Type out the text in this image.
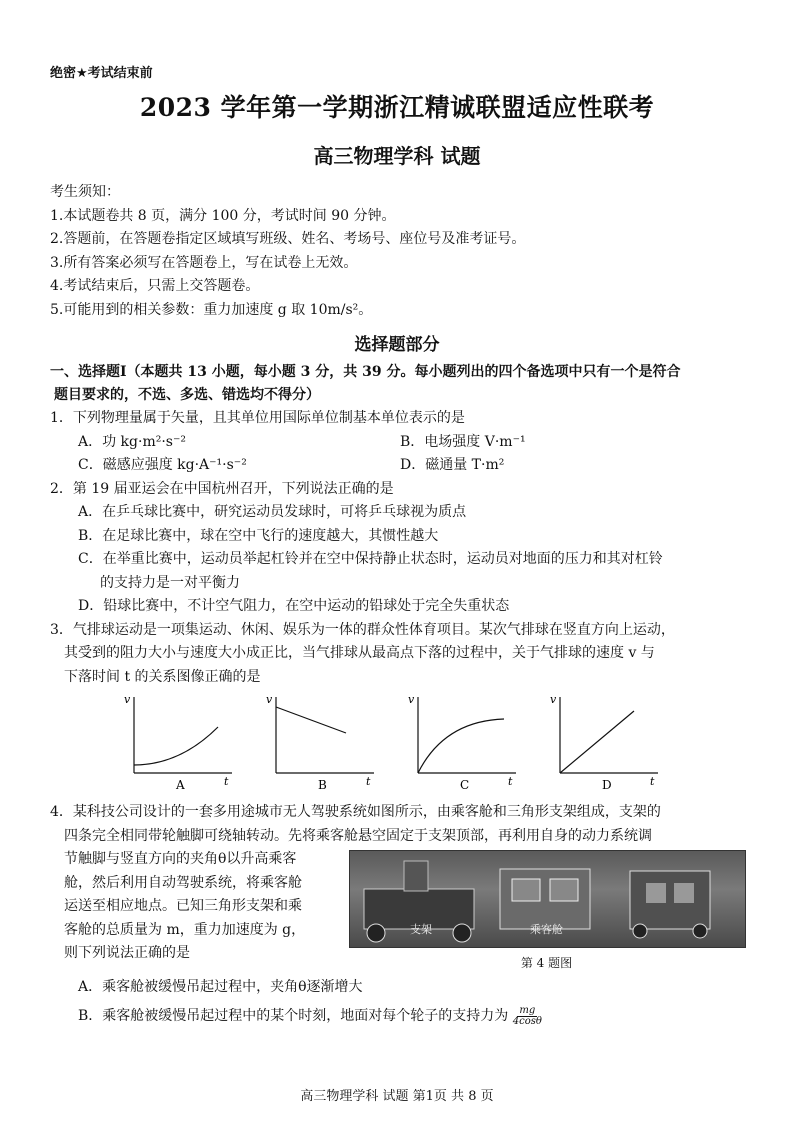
绝密★考试结束前
2023 学年第一学期浙江精诚联盟适应性联考
高三物理学科 试题
考生须知：
1.本试题卷共 8 页，满分 100 分，考试时间 90 分钟。
2.答题前，在答题卷指定区域填写班级、姓名、考场号、座位号及准考证号。
3.所有答案必须写在答题卷上，写在试卷上无效。
4.考试结束后，只需上交答题卷。
5.可能用到的相关参数：重力加速度 g 取 10m/s²。
选择题部分
一、选择题Ⅰ（本题共 13 小题，每小题 3 分，共 39 分。每小题列出的四个备选项中只有一个是符合
题目要求的，不选、多选、错选均不得分）
1．下列物理量属于矢量，且其单位用国际单位制基本单位表示的是
A．功 kg·m²·s⁻²	B．电场强度 V·m⁻¹
C．磁感应强度 kg·A⁻¹·s⁻²	D．磁通量 T·m²
2．第 19 届亚运会在中国杭州召开，下列说法正确的是
A．在乒乓球比赛中，研究运动员发球时，可将乒乓球视为质点
B．在足球比赛中，球在空中飞行的速度越大，其惯性越大
C．在举重比赛中，运动员举起杠铃并在空中保持静止状态时，运动员对地面的压力和其对杠铃
的支持力是一对平衡力
D．铅球比赛中，不计空气阻力，在空中运动的铅球处于完全失重状态
3．气排球运动是一项集运动、休闲、娱乐为一体的群众性体育项目。某次气排球在竖直方向上运动，
其受到的阻力大小与速度大小成正比，当气排球从最高点下落的过程中，关于气排球的速度 v 与
下落时间 t 的关系图像正确的是
v
t
A
v
t
B
v
t
C
v
t
D
4．某科技公司设计的一套多用途城市无人驾驶系统如图所示，由乘客舱和三角形支架组成，支架的
四条完全相同带轮触脚可绕轴转动。先将乘客舱悬空固定于支架顶部，再利用自身的动力系统调
节触脚与竖直方向的夹角θ以升高乘客
舱，然后利用自动驾驶系统，将乘客舱
运送至相应地点。已知三角形支架和乘
客舱的总质量为 m，重力加速度为 g，
则下列说法正确的是
支架	乘客舱
第 4 题图
A．乘客舱被缓慢吊起过程中，夹角θ逐渐增大
B．乘客舱被缓慢吊起过程中的某个时刻，地面对每个轮子的支持力为 $\frac{mg}{4\cos\theta}$
高三物理学科 试题 第1页 共 8 页
